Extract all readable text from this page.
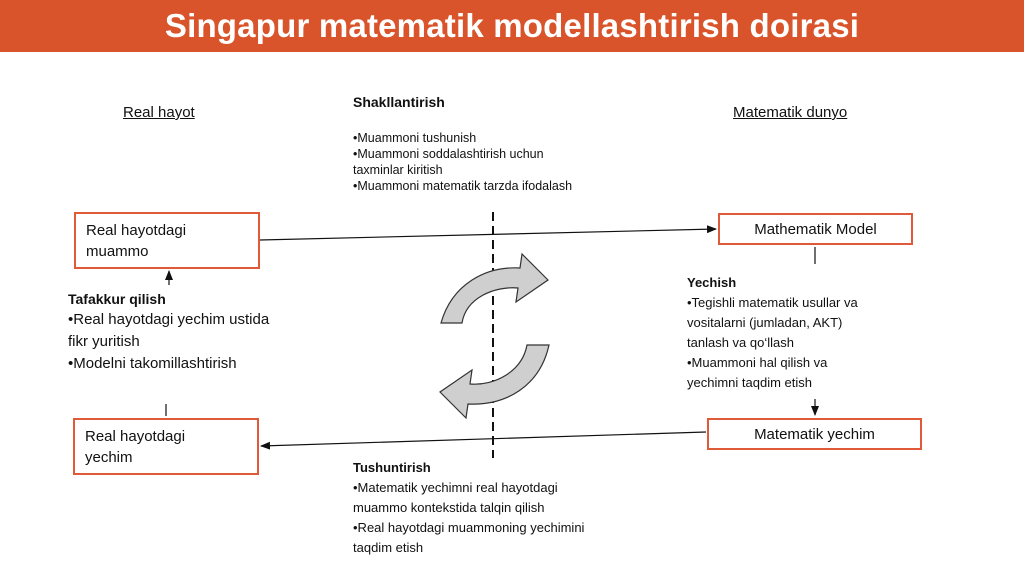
Singapur matematik modellashtirish doirasi
Real hayot	Matematik dunyo
Shakllantirish
•Muammoni tushunish
•Muammoni soddalashtirish uchun
taxminlar kiritish
•Muammoni matematik tarzda ifodalash
Real hayotdagi
muammo
Mathematik Model
Real hayotdagi
yechim
Matematik yechim
Tafakkur qilish
•Real hayotdagi yechim ustida
fikr yuritish
•Modelni takomillashtirish
Yechish
•Tegishli matematik usullar va
vositalarni (jumladan, AKT)
tanlash va qo‘llash
•Muammoni hal qilish va
yechimni taqdim etish
Tushuntirish
•Matematik yechimni real hayotdagi
muammo kontekstida talqin qilish
•Real hayotdagi muammoning yechimini
taqdim etish
